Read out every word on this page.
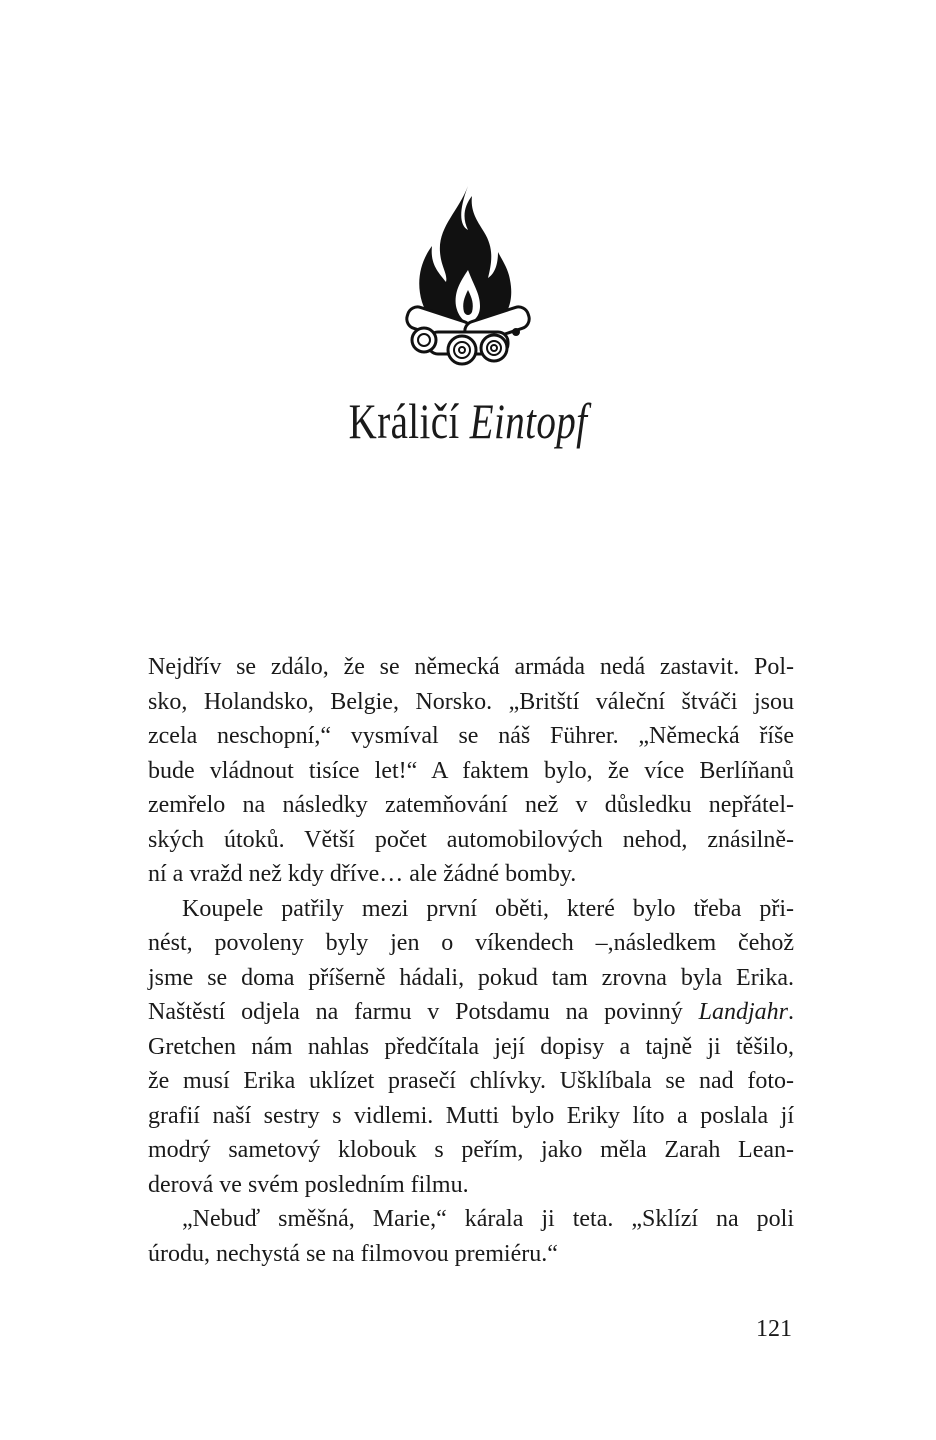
Králičí Eintopf
Nejdřív se zdálo, že se německá armáda nedá zastavit. Pol-
sko, Holandsko, Belgie, Norsko. „Britští váleční štváči jsou
zcela neschopní,“ vysmíval se náš Führer. „Německá říše
bude vládnout tisíce let!“ A faktem bylo, že více Berlíňanů
zemřelo na následky zatemňování než v důsledku nepřátel-
ských útoků. Větší počet automobilových nehod, znásilně-
ní a vražd než kdy dříve… ale žádné bomby.
Koupele patřily mezi první oběti, které bylo třeba při-
nést, povoleny byly jen o víkendech –,následkem čehož
jsme se doma příšerně hádali, pokud tam zrovna byla Erika.
Naštěstí odjela na farmu v Potsdamu na povinný Landjahr.
Gretchen nám nahlas předčítala její dopisy a tajně ji těšilo,
že musí Erika uklízet prasečí chlívky. Ušklíbala se nad foto-
grafií naší sestry s vidlemi. Mutti bylo Eriky líto a poslala jí
modrý sametový klobouk s peřím, jako měla Zarah Lean-
derová ve svém posledním filmu.
„Nebuď směšná, Marie,“ kárala ji teta. „Sklízí na poli
úrodu, nechystá se na filmovou premiéru.“
121
